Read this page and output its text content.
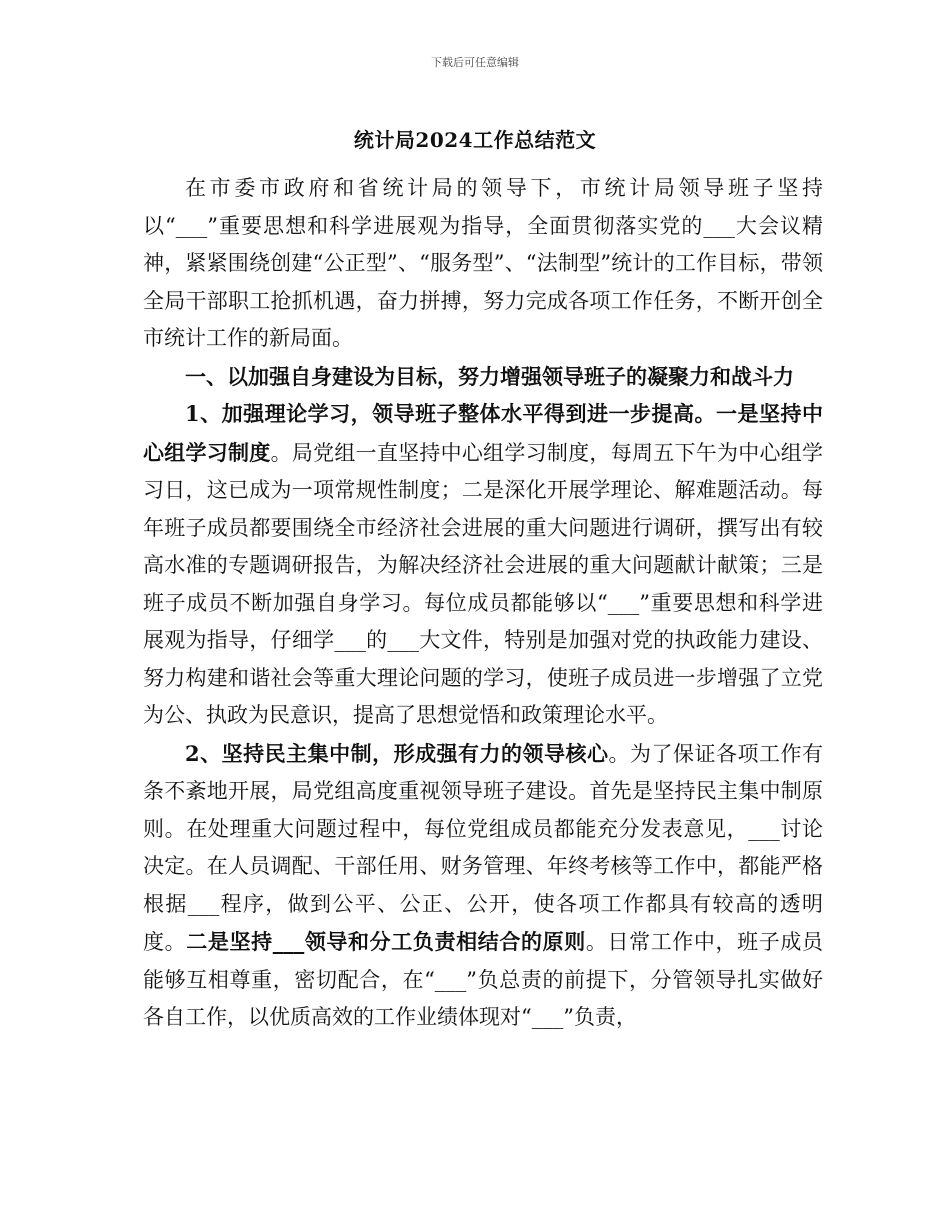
下载后可任意编辑
统计局2024工作总结范文

在市委市政府和省统计局的领导下，市统计局领导班子坚持以“___”重要思想和科学进展观为指导，全面贯彻落实党的___大会议精神，紧紧围绕创建“公正型”、“服务型”、“法制型”统计的工作目标，带领全局干部职工抢抓机遇，奋力拼搏，努力完成各项工作任务，不断开创全市统计工作的新局面。

一、以加强自身建设为目标，努力增强领导班子的凝聚力和战斗力

1、加强理论学习，领导班子整体水平得到进一步提高。一是坚持中心组学习制度。局党组一直坚持中心组学习制度，每周五下午为中心组学习日，这已成为一项常规性制度；二是深化开展学理论、解难题活动。每年班子成员都要围绕全市经济社会进展的重大问题进行调研，撰写出有较高水准的专题调研报告，为解决经济社会进展的重大问题献计献策；三是班子成员不断加强自身学习。每位成员都能够以“___”重要思想和科学进展观为指导，仔细学___的___大文件，特别是加强对党的执政能力建设、努力构建和谐社会等重大理论问题的学习，使班子成员进一步增强了立党为公、执政为民意识，提高了思想觉悟和政策理论水平。

2、坚持民主集中制，形成强有力的领导核心。为了保证各项工作有条不紊地开展，局党组高度重视领导班子建设。首先是坚持民主集中制原则。在处理重大问题过程中，每位党组成员都能充分发表意见，___讨论决定。在人员调配、干部任用、财务管理、年终考核等工作中，都能严格根据___程序，做到公平、公正、公开，使各项工作都具有较高的透明度。二是坚持___领导和分工负责相结合的原则。日常工作中，班子成员能够互相尊重，密切配合，在“___”负总责的前提下，分管领导扎实做好各自工作，以优质高效的工作业绩体现对“___”负责，
